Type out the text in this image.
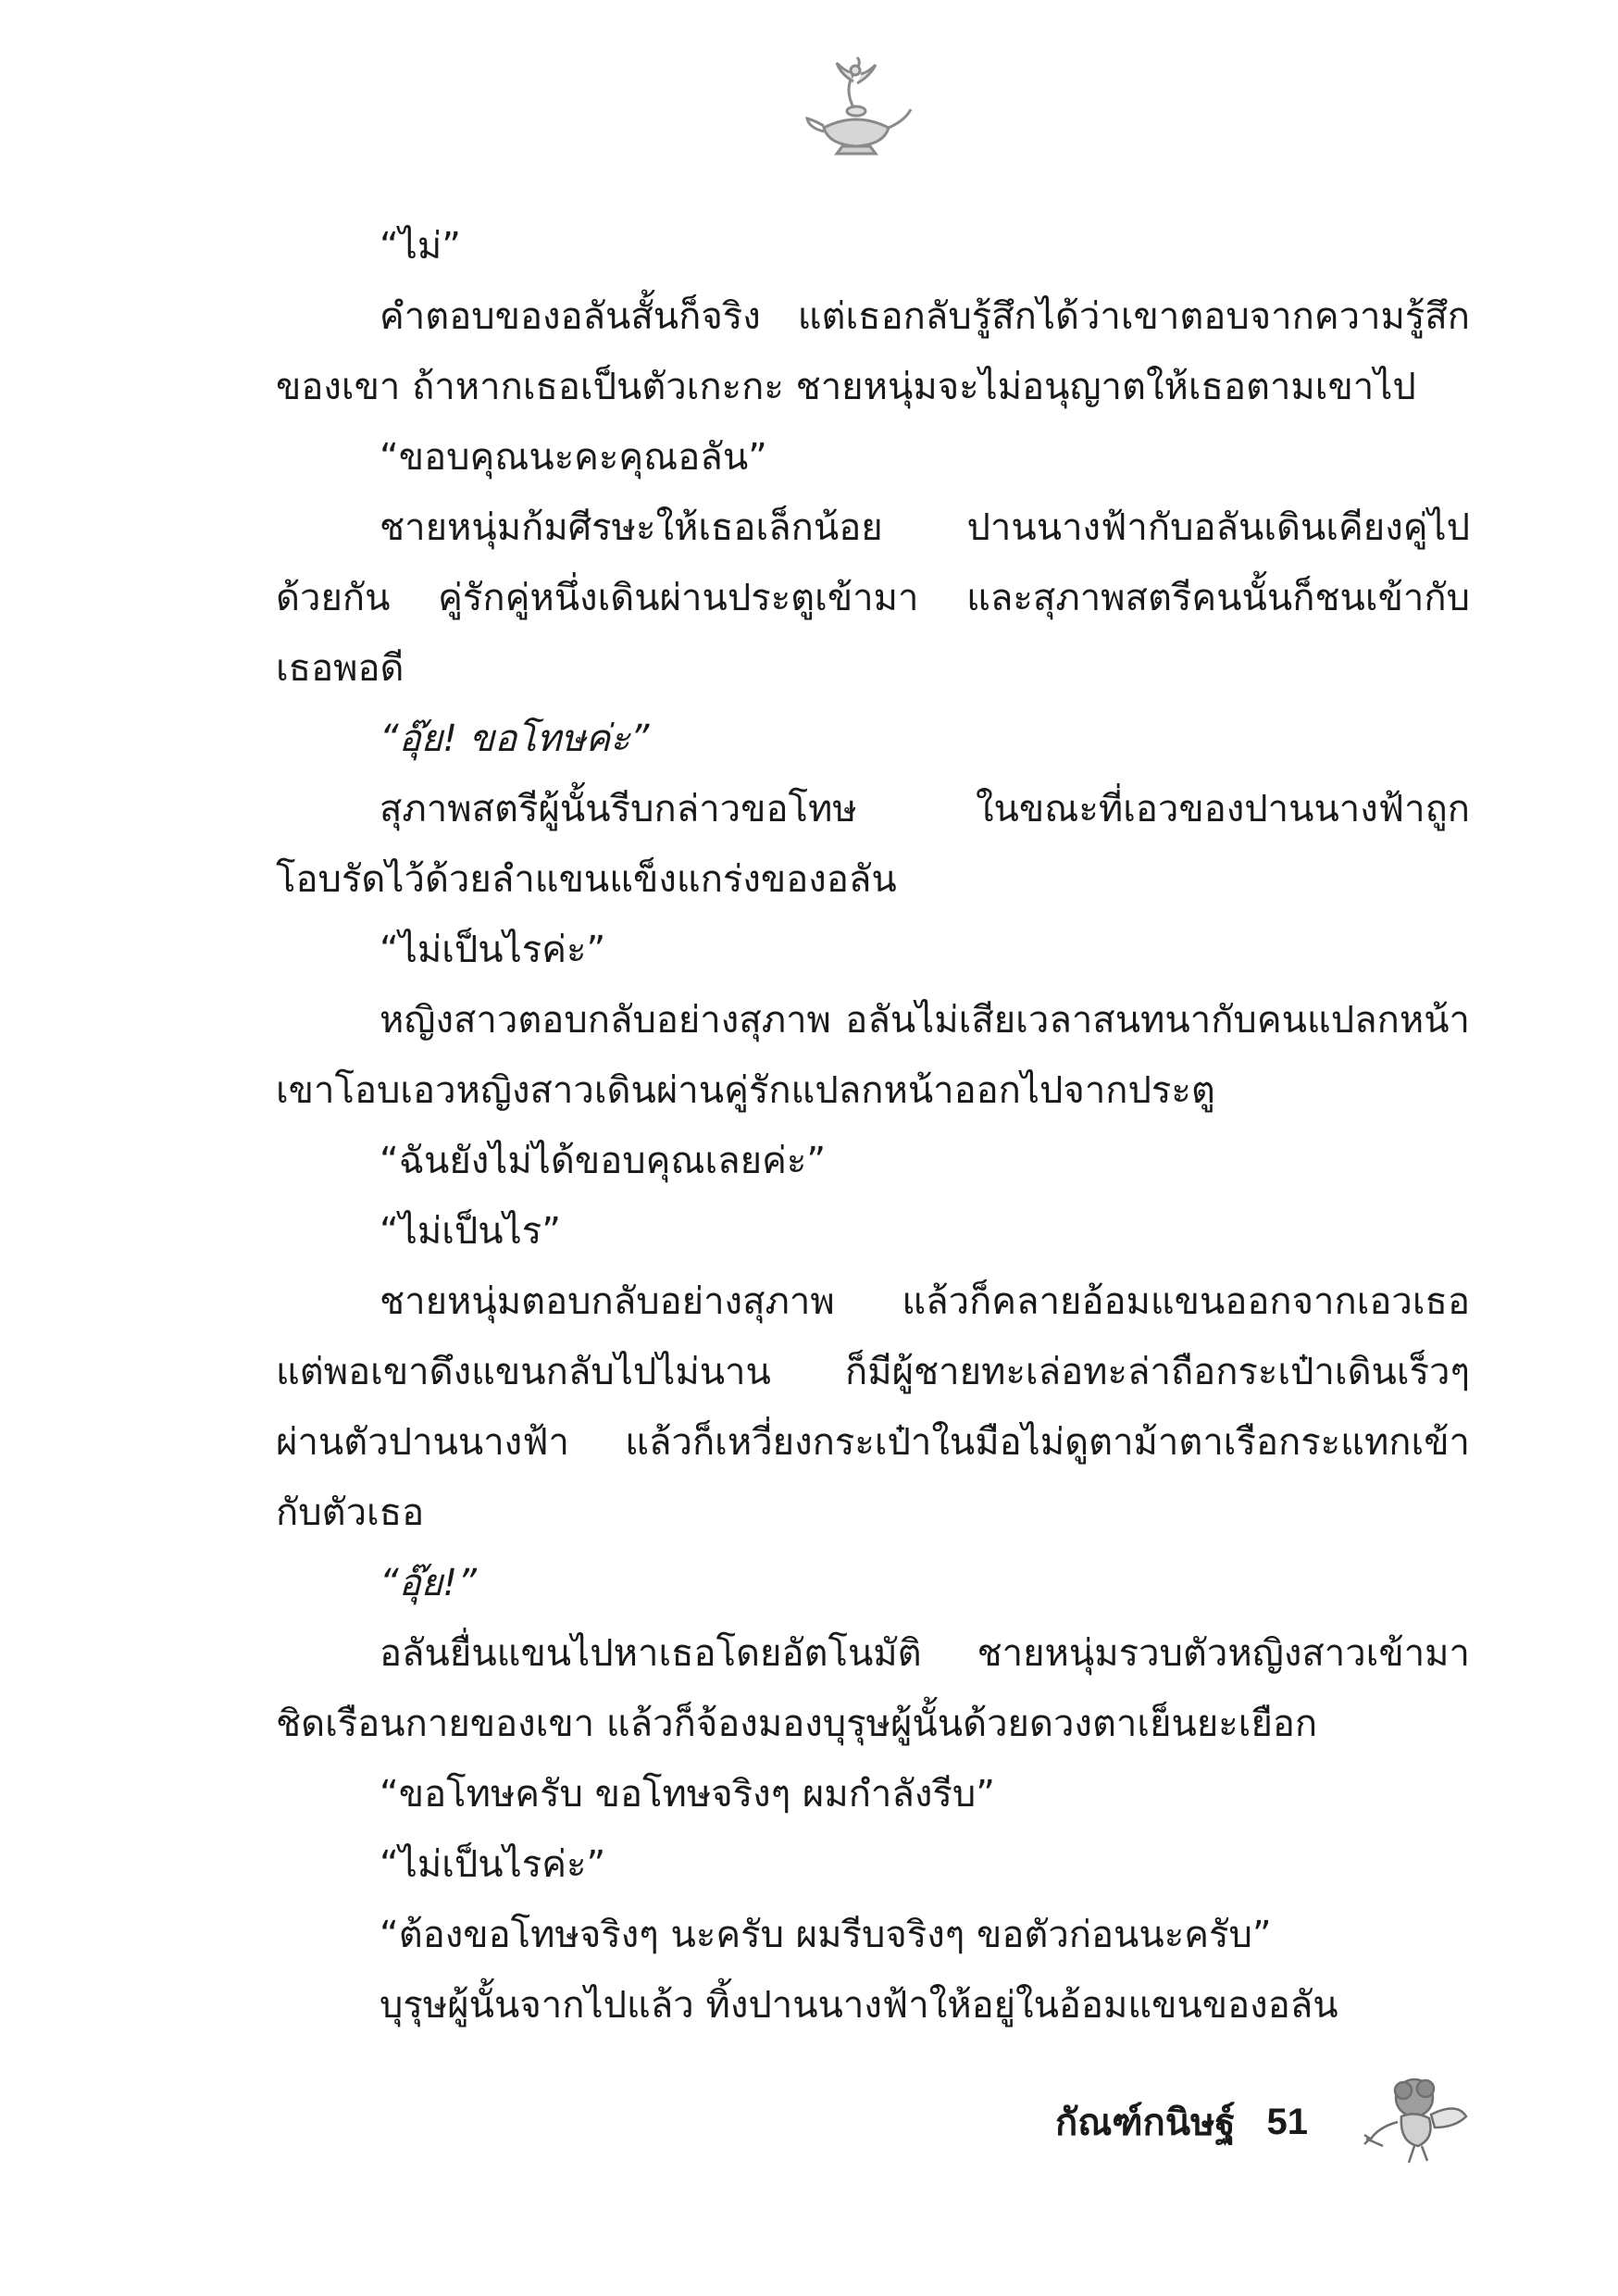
“ไม่”
คำตอบของอลันสั้นก็จริง แต่เธอกลับรู้สึกได้ว่าเขาตอบจากความรู้สึก
ของเขา ถ้าหากเธอเป็นตัวเกะกะ ชายหนุ่มจะไม่อนุญาตให้เธอตามเขาไป
“ขอบคุณนะคะคุณอลัน”
ชายหนุ่มก้มศีรษะให้เธอเล็กน้อย ปานนางฟ้ากับอลันเดินเคียงคู่ไป
ด้วยกัน คู่รักคู่หนึ่งเดินผ่านประตูเข้ามา และสุภาพสตรีคนนั้นก็ชนเข้ากับ
เธอพอดี
“อุ๊ย! ขอโทษค่ะ”
สุภาพสตรีผู้นั้นรีบกล่าวขอโทษ ในขณะที่เอวของปานนางฟ้าถูก
โอบรัดไว้ด้วยลำแขนแข็งแกร่งของอลัน
“ไม่เป็นไรค่ะ”
หญิงสาวตอบกลับอย่างสุภาพ อลันไม่เสียเวลาสนทนากับคนแปลกหน้า
เขาโอบเอวหญิงสาวเดินผ่านคู่รักแปลกหน้าออกไปจากประตู
“ฉันยังไม่ได้ขอบคุณเลยค่ะ”
“ไม่เป็นไร”
ชายหนุ่มตอบกลับอย่างสุภาพ แล้วก็คลายอ้อมแขนออกจากเอวเธอ
แต่พอเขาดึงแขนกลับไปไม่นาน ก็มีผู้ชายทะเล่อทะล่าถือกระเป๋าเดินเร็วๆ
ผ่านตัวปานนางฟ้า แล้วก็เหวี่ยงกระเป๋าในมือไม่ดูตาม้าตาเรือกระแทกเข้า
กับตัวเธอ
“อุ๊ย!”
อลันยื่นแขนไปหาเธอโดยอัตโนมัติ ชายหนุ่มรวบตัวหญิงสาวเข้ามา
ชิดเรือนกายของเขา แล้วก็จ้องมองบุรุษผู้นั้นด้วยดวงตาเย็นยะเยือก
“ขอโทษครับ ขอโทษจริงๆ ผมกำลังรีบ”
“ไม่เป็นไรค่ะ”
“ต้องขอโทษจริงๆ นะครับ ผมรีบจริงๆ ขอตัวก่อนนะครับ”
บุรุษผู้นั้นจากไปแล้ว ทิ้งปานนางฟ้าให้อยู่ในอ้อมแขนของอลัน
กัณฑ์กนิษฐ์ 51
